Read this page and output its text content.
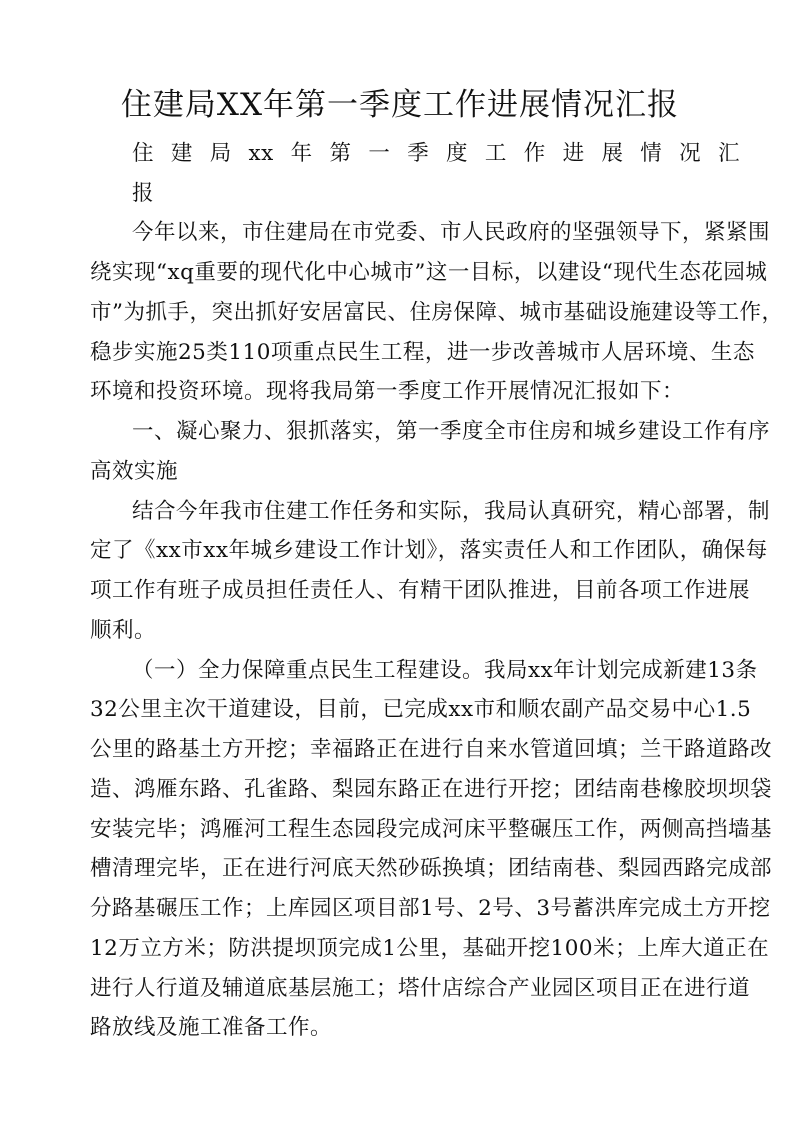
住建局XX年第一季度工作进展情况汇报
住建局xx年第一季度工作进展情况汇
报
今年以来，市住建局在市党委、市人民政府的坚强领导下，紧紧围
绕实现“xq重要的现代化中心城市”这一目标，以建设“现代生态花园城
市”为抓手，突出抓好安居富民、住房保障、城市基础设施建设等工作，
稳步实施25类110项重点民生工程，进一步改善城市人居环境、生态
环境和投资环境。现将我局第一季度工作开展情况汇报如下：
一、凝心聚力、狠抓落实，第一季度全市住房和城乡建设工作有序
高效实施
结合今年我市住建工作任务和实际，我局认真研究，精心部署，制
定了《xx市xx年城乡建设工作计划》，落实责任人和工作团队，确保每
项工作有班子成员担任责任人、有精干团队推进，目前各项工作进展
顺利。
（一）全力保障重点民生工程建设。我局xx年计划完成新建13条
32公里主次干道建设，目前，已完成xx市和顺农副产品交易中心1.5
公里的路基土方开挖；幸福路正在进行自来水管道回填；兰干路道路改
造、鸿雁东路、孔雀路、梨园东路正在进行开挖；团结南巷橡胶坝坝袋
安装完毕；鸿雁河工程生态园段完成河床平整碾压工作，两侧高挡墙基
槽清理完毕，正在进行河底天然砂砾换填；团结南巷、梨园西路完成部
分路基碾压工作；上库园区项目部1号、2号、3号蓄洪库完成土方开挖
12万立方米；防洪提坝顶完成1公里，基础开挖100米；上库大道正在
进行人行道及辅道底基层施工；塔什店综合产业园区项目正在进行道
路放线及施工准备工作。
